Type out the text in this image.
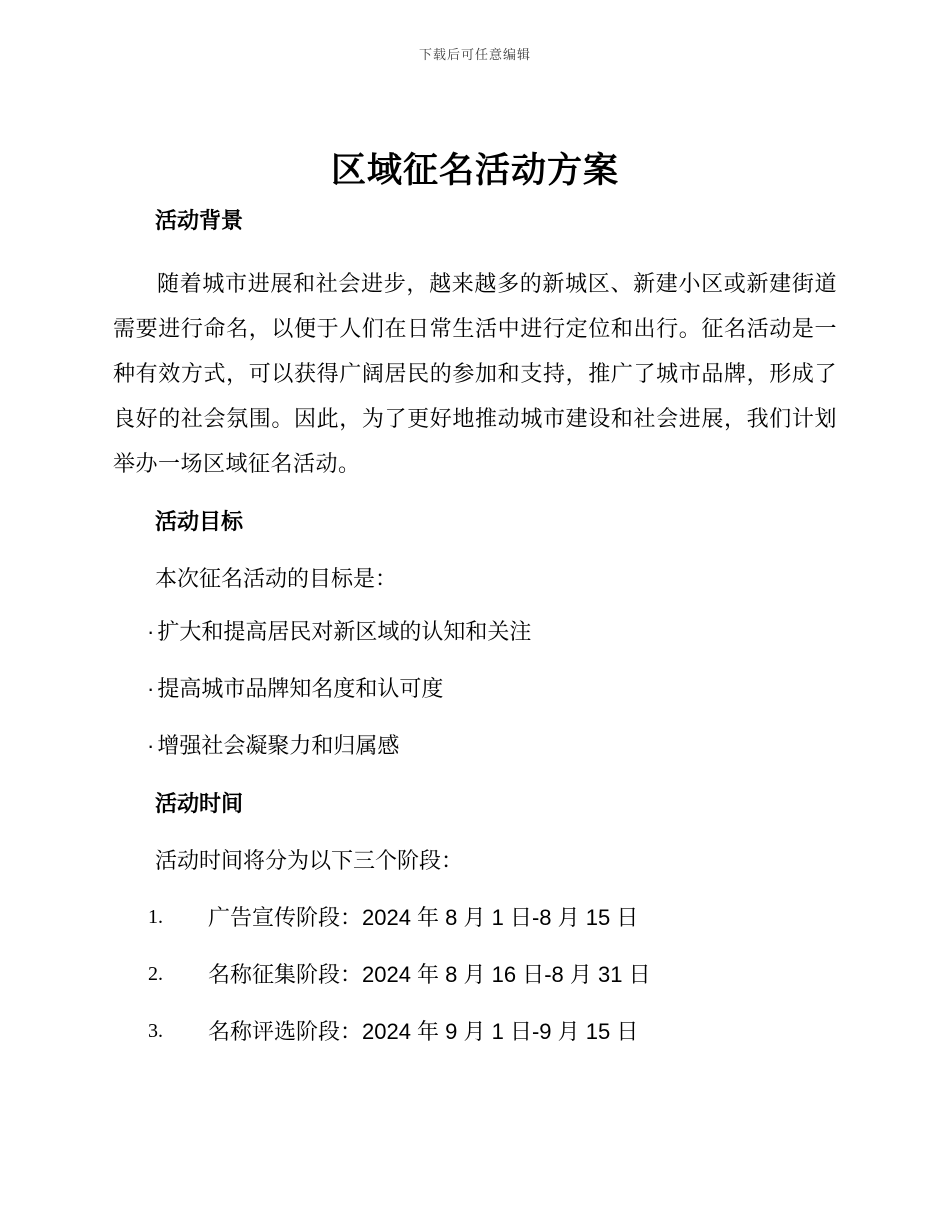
下载后可任意编辑
区域征名活动方案
活动背景

随着城市进展和社会进步，越来越多的新城区、新建小区或新建街道需要进行命名，以便于人们在日常生活中进行定位和出行。征名活动是一种有效方式，可以获得广阔居民的参加和支持，推广了城市品牌，形成了良好的社会氛围。因此，为了更好地推动城市建设和社会进展，我们计划举办一场区域征名活动。

活动目标

本次征名活动的目标是：

· 扩大和提高居民对新区域的认知和关注
· 提高城市品牌知名度和认可度
· 增强社会凝聚力和归属感
活动时间

活动时间将分为以下三个阶段：

1.	广告宣传阶段：2024 年 8 月 1 日-8 月 15 日
2.	名称征集阶段：2024 年 8 月 16 日-8 月 31 日
3.	名称评选阶段：2024 年 9 月 1 日-9 月 15 日
